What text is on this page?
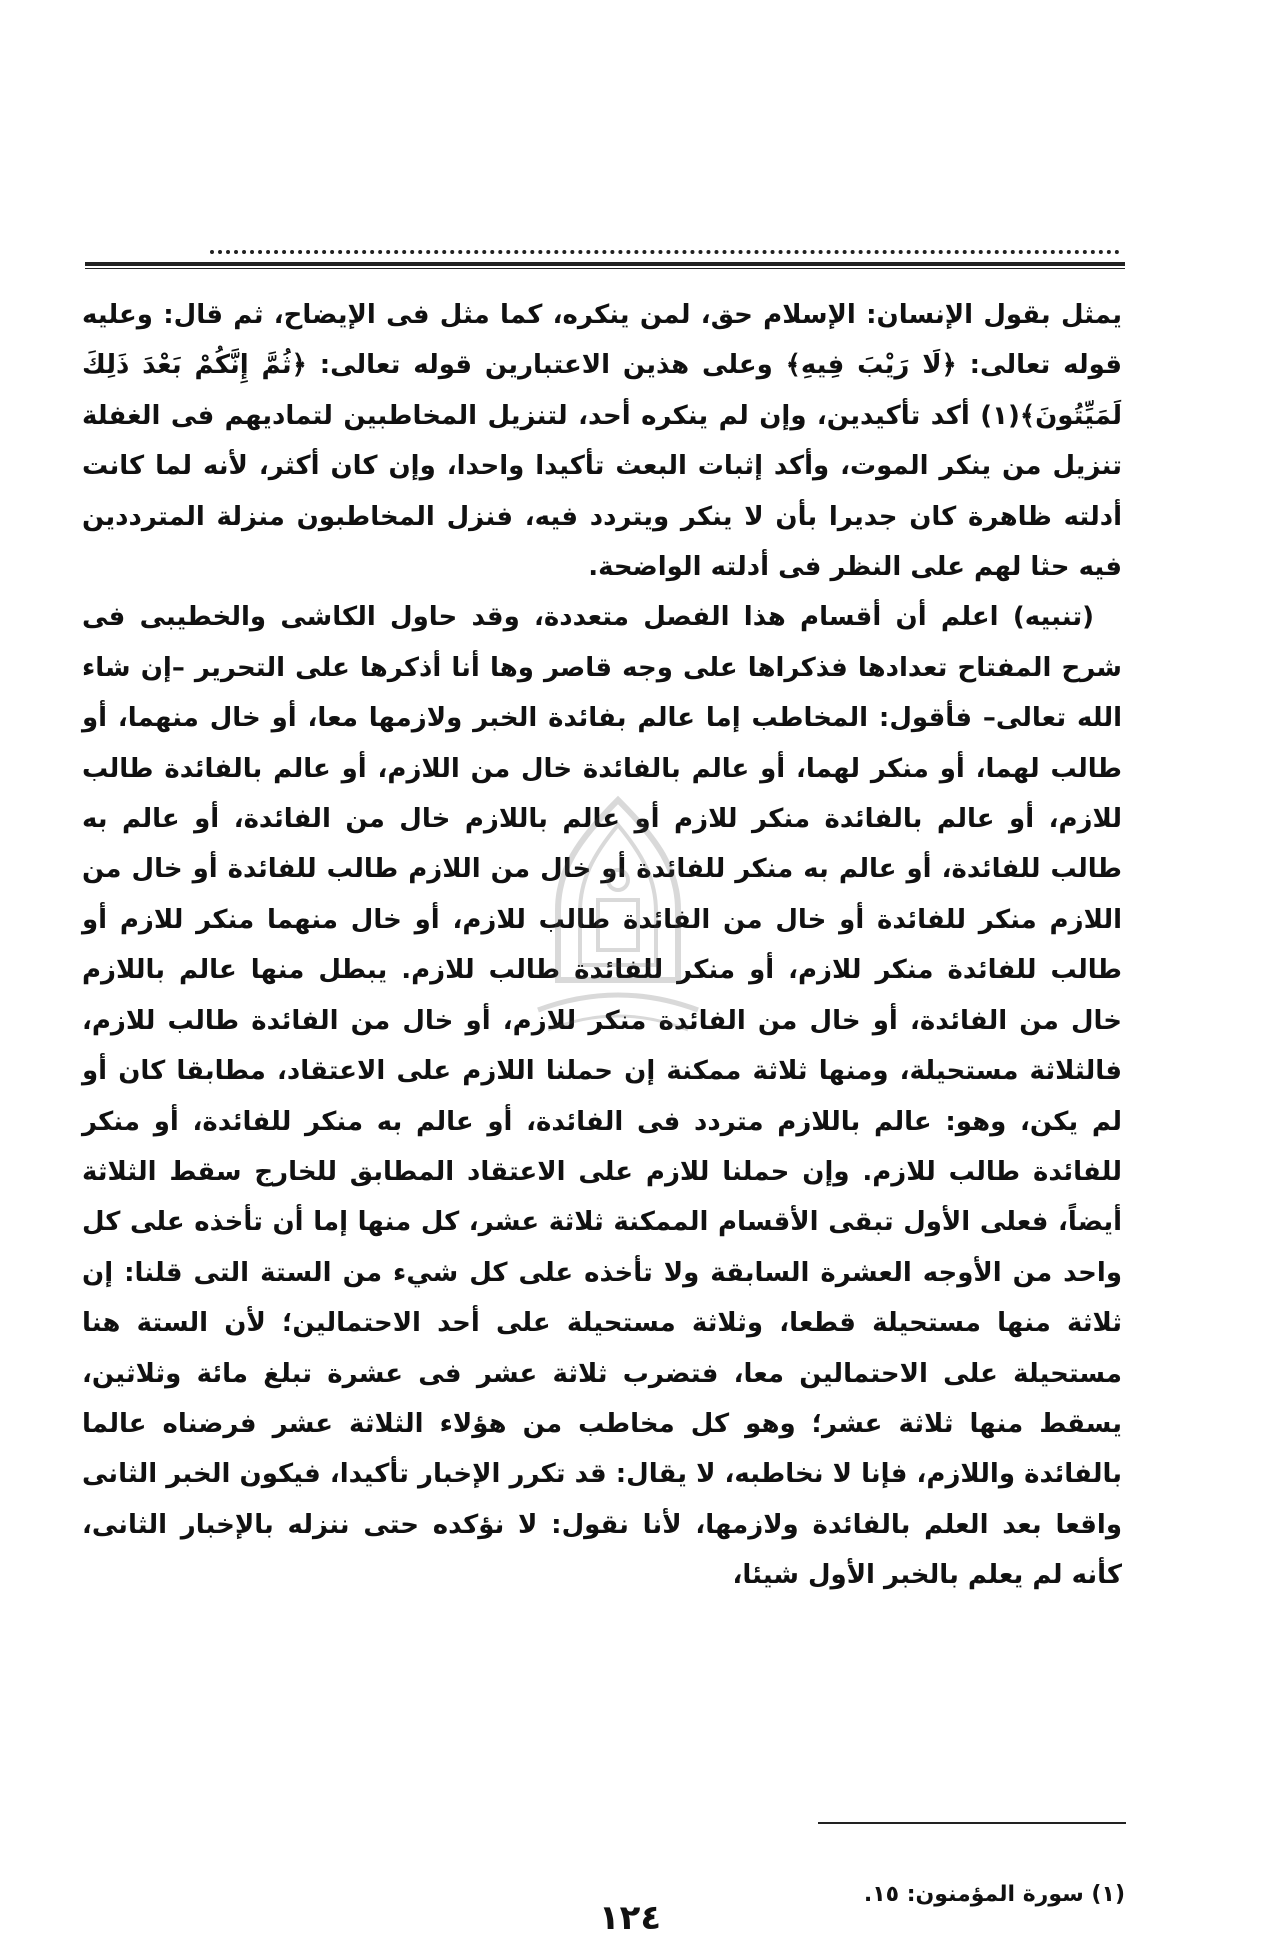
يمثل بقول الإنسان: الإسلام حق، لمن ينكره، كما مثل فى الإيضاح، ثم قال: وعليه قوله تعالى: ﴿لَا رَيْبَ فِيهِ﴾ وعلى هذين الاعتبارين قوله تعالى: ﴿ثُمَّ إِنَّكُمْ بَعْدَ ذَلِكَ لَمَيِّتُونَ﴾(١) أكد تأكيدين، وإن لم ينكره أحد، لتنزيل المخاطبين لتماديهم فى الغفلة تنزيل من ينكر الموت، وأكد إثبات البعث تأكيدا واحدا، وإن كان أكثر، لأنه لما كانت أدلته ظاهرة كان جديرا بأن لا ينكر ويتردد فيه، فنزل المخاطبون منزلة المترددين فيه حثا لهم على النظر فى أدلته الواضحة.

(تنبيه) اعلم أن أقسام هذا الفصل متعددة، وقد حاول الكاشى والخطيبى فى شرح المفتاح تعدادها فذكراها على وجه قاصر وها أنا أذكرها على التحرير –إن شاء الله تعالى– فأقول: المخاطب إما عالم بفائدة الخبر ولازمها معا، أو خال منهما، أو طالب لهما، أو منكر لهما، أو عالم بالفائدة خال من اللازم، أو عالم بالفائدة طالب للازم، أو عالم بالفائدة منكر للازم أو عالم باللازم خال من الفائدة، أو عالم به طالب للفائدة، أو عالم به منكر للفائدة أو خال من اللازم طالب للفائدة أو خال من اللازم منكر للفائدة أو خال من الفائدة طالب للازم، أو خال منهما منكر للازم أو طالب للفائدة منكر للازم، أو منكر للفائدة طالب للازم. يبطل منها عالم باللازم خال من الفائدة، أو خال من الفائدة منكر للازم، أو خال من الفائدة طالب للازم، فالثلاثة مستحيلة، ومنها ثلاثة ممكنة إن حملنا اللازم على الاعتقاد، مطابقا كان أو لم يكن، وهو: عالم باللازم متردد فى الفائدة، أو عالم به منكر للفائدة، أو منكر للفائدة طالب للازم. وإن حملنا للازم على الاعتقاد المطابق للخارج سقط الثلاثة أيضاً، فعلى الأول تبقى الأقسام الممكنة ثلاثة عشر، كل منها إما أن تأخذه على كل واحد من الأوجه العشرة السابقة ولا تأخذه على كل شيء من الستة التى قلنا: إن ثلاثة منها مستحيلة قطعا، وثلاثة مستحيلة على أحد الاحتمالين؛ لأن الستة هنا مستحيلة على الاحتمالين معا، فتضرب ثلاثة عشر فى عشرة تبلغ مائة وثلاثين، يسقط منها ثلاثة عشر؛ وهو كل مخاطب من هؤلاء الثلاثة عشر فرضناه عالما بالفائدة واللازم، فإنا لا نخاطبه، لا يقال: قد تكرر الإخبار تأكيدا، فيكون الخبر الثانى واقعا بعد العلم بالفائدة ولازمها، لأنا نقول: لا نؤكده حتى ننزله بالإخبار الثانى، كأنه لم يعلم بالخبر الأول شيئا،

(١) سورة المؤمنون: ١٥.
١٢٤
